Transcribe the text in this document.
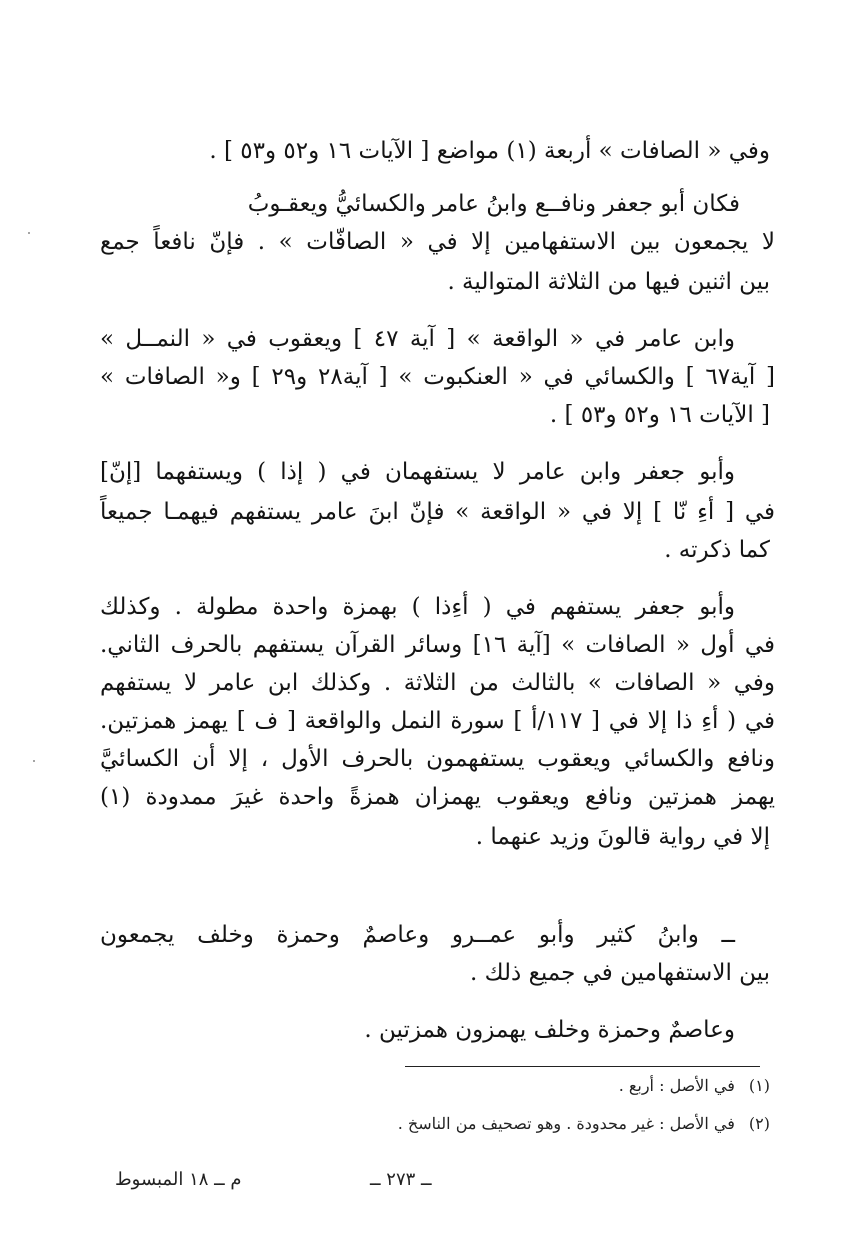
وفي « الصافات » أربعة (١) مواضع [ الآيات ١٦ و٥٢ و٥٣ ] .
فكان أبو جعفر ونافــع وابنُ عامر والكسائيُّ ويعقـوبُ
لا يجمعون بين الاستفهامين إلا في « الصافّات » . فإنّ نافعاً جمع
بين اثنين فيها من الثلاثة المتوالية .
وابن عامر في « الواقعة » [ آية ٤٧ ] ويعقوب في « النمــل »
[ آية٦٧ ] والكسائي في « العنكبوت » [ آية٢٨ و٢٩ ] و« الصافات »
[ الآيات ١٦ و٥٢ و٥٣ ] .
وأبو جعفر وابن عامر لا يستفهمان في ( إذا ) ويستفهما [إنّ]
في [ أءِ نّا ] إلا في « الواقعة » فإنّ ابنَ عامر يستفهم فيهمـا جميعاً
كما ذكرته .
وأبو جعفر يستفهم في ( أءِذا ) بهمزة واحدة مطولة . وكذلك
في أول « الصافات » [آية ١٦] وسائر القرآن يستفهم بالحرف الثاني.
وفي « الصافات » بالثالث من الثلاثة . وكذلك ابن عامر لا يستفهم
في ( أءِ ذا إلا في [ ١١٧/أ ] سورة النمل والواقعة [ ف ] يهمز همزتين.
ونافع والكسائي ويعقوب يستفهمون بالحرف الأول ، إلا أن الكسائيَّ
يهمز همزتين ونافع ويعقوب يهمزان همزةً واحدة غيرَ ممدودة (١)
إلا في رواية قالونَ وزيد عنهما .
ــ وابنُ كثير وأبو عمــرو وعاصمٌ وحمزة وخلف يجمعون
بين الاستفهامين في جميع ذلك .
وعاصمٌ وحمزة وخلف يهمزون همزتين .
(١)في الأصل : أربع .
(٢)في الأصل : غير محدودة . وهو تصحيف من الناسخ .
ــ ٢٧٣ ــ
م ــ ١٨ المبسوط
